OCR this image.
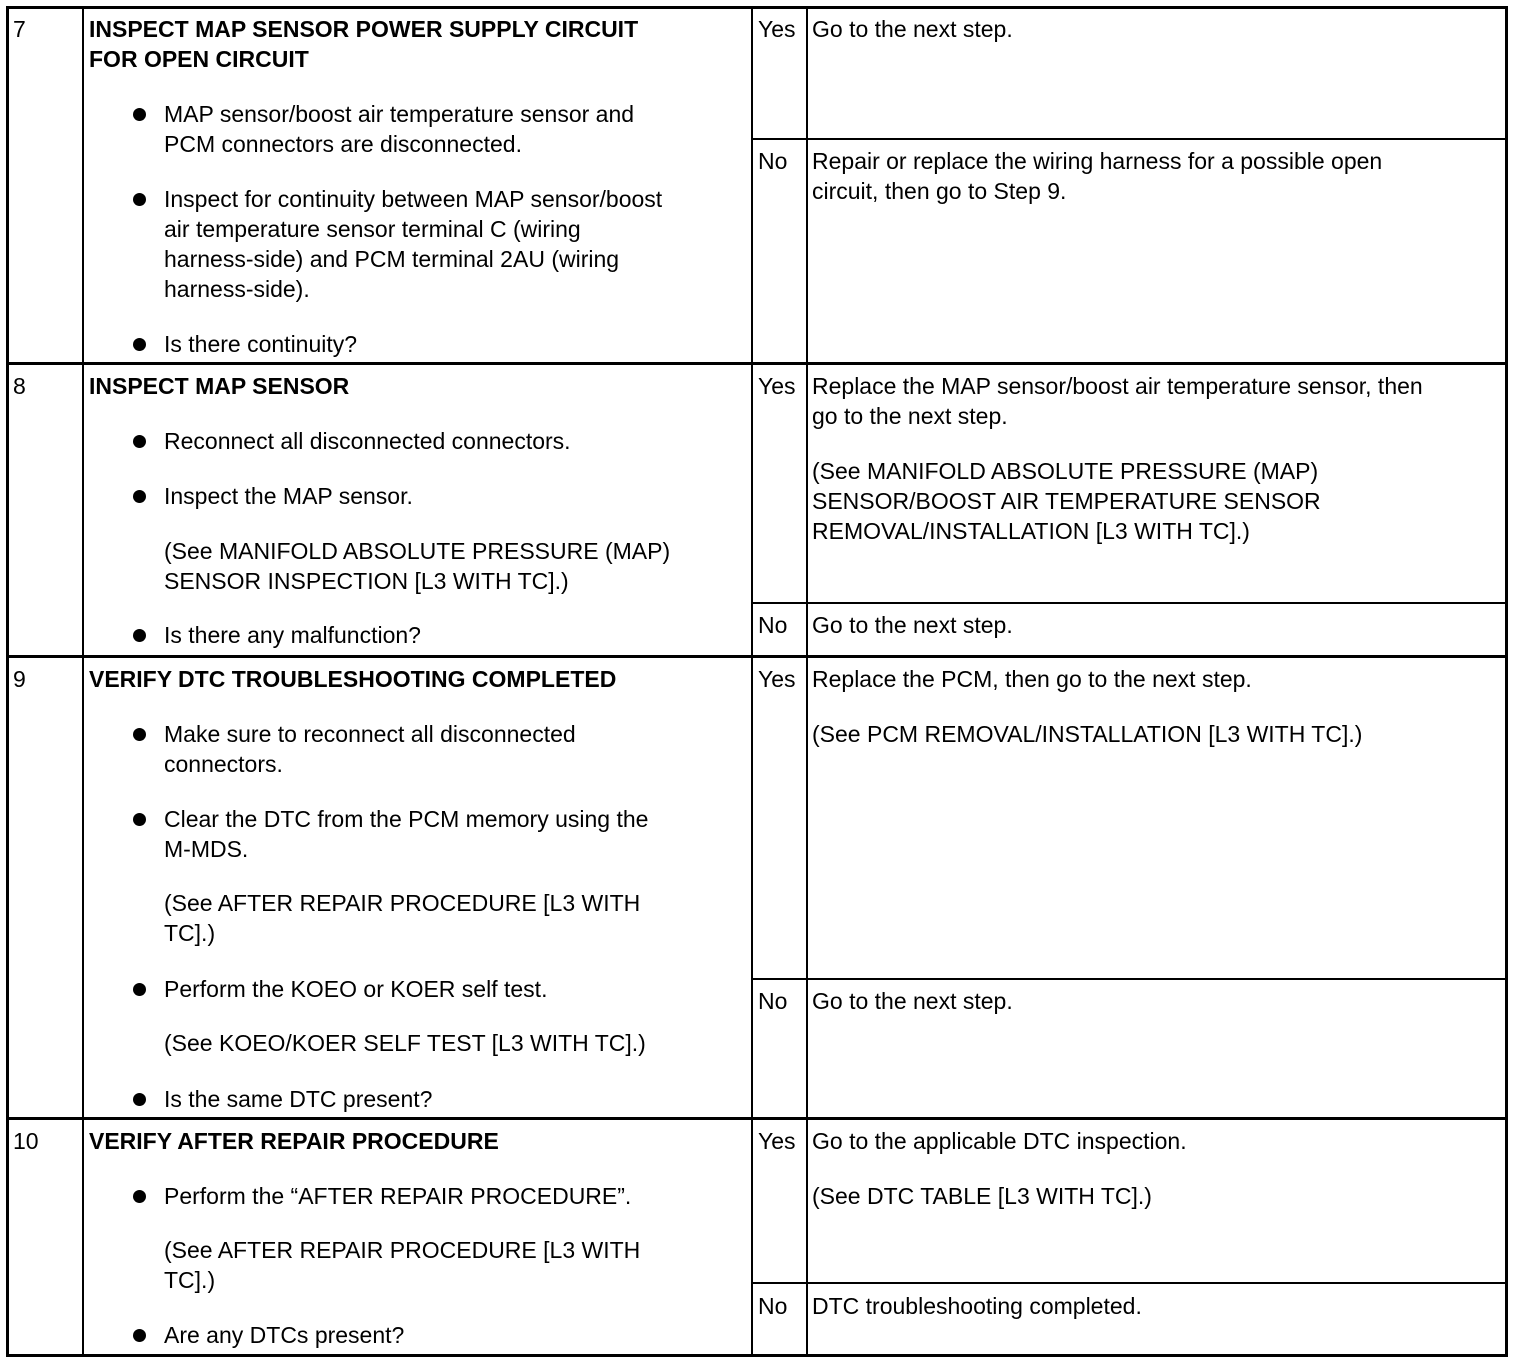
7	INSPECT MAP SENSOR POWER SUPPLY CIRCUIT
FOR OPEN CIRCUIT
MAP sensor/boost air temperature sensor and
PCM connectors are disconnected.
Inspect for continuity between MAP sensor/boost
air temperature sensor terminal C (wiring
harness-side) and PCM terminal 2AU (wiring
harness-side).
Is there continuity?
Yes Go to the next step.
No Repair or replace the wiring harness for a possible open
circuit, then go to Step 9.
8	INSPECT MAP SENSOR
Reconnect all disconnected connectors.
Inspect the MAP sensor.
(See MANIFOLD ABSOLUTE PRESSURE (MAP)
SENSOR INSPECTION [L3 WITH TC].)
Is there any malfunction?
Yes Replace the MAP sensor/boost air temperature sensor, then
go to the next step.
(See MANIFOLD ABSOLUTE PRESSURE (MAP)
SENSOR/BOOST AIR TEMPERATURE SENSOR
REMOVAL/INSTALLATION [L3 WITH TC].)
No Go to the next step.
9	VERIFY DTC TROUBLESHOOTING COMPLETED
Make sure to reconnect all disconnected
connectors.
Clear the DTC from the PCM memory using the
M-MDS.
(See AFTER REPAIR PROCEDURE [L3 WITH
TC].)
Perform the KOEO or KOER self test.
(See KOEO/KOER SELF TEST [L3 WITH TC].)
Is the same DTC present?
Yes Replace the PCM, then go to the next step.
(See PCM REMOVAL/INSTALLATION [L3 WITH TC].)
No Go to the next step.
10 VERIFY AFTER REPAIR PROCEDURE
Perform the “AFTER REPAIR PROCEDURE”.
(See AFTER REPAIR PROCEDURE [L3 WITH
TC].)
Are any DTCs present?
Yes Go to the applicable DTC inspection.
(See DTC TABLE [L3 WITH TC].)
No DTC troubleshooting completed.
